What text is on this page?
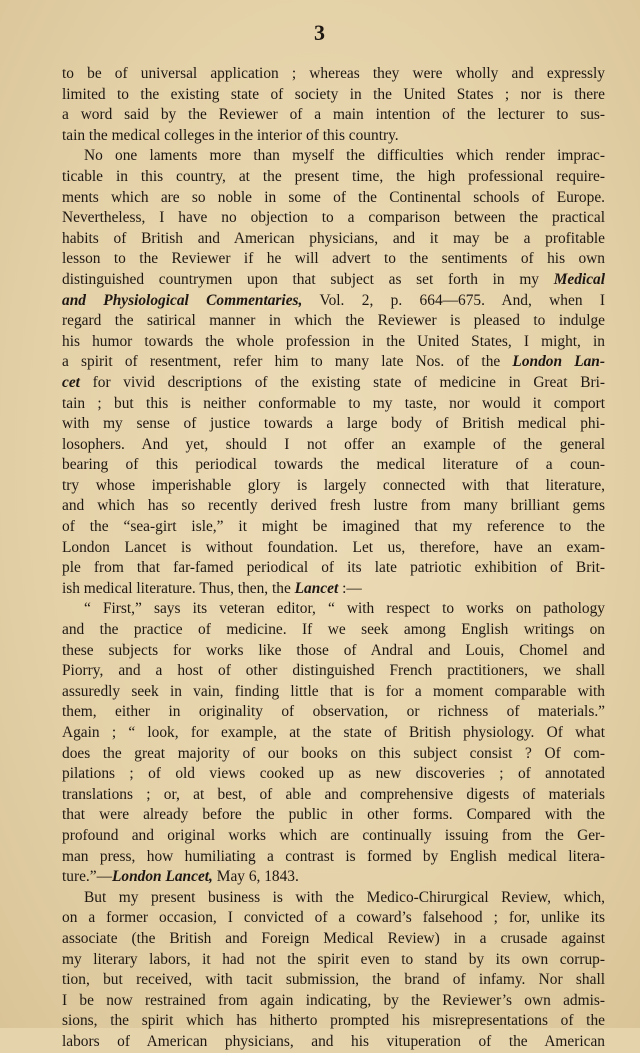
3
to be of universal application ; whereas they were wholly and expressly
limited to the existing state of society in the United States ; nor is there
a word said by the Reviewer of a main intention of the lecturer to sus-
tain the medical colleges in the interior of this country.
No one laments more than myself the difficulties which render imprac-
ticable in this country, at the present time, the high professional require-
ments which are so noble in some of the Continental schools of Europe.
Nevertheless, I have no objection to a comparison between the practical
habits of British and American physicians, and it may be a profitable
lesson to the Reviewer if he will advert to the sentiments of his own
distinguished countrymen upon that subject as set forth in my Medical
and Physiological Commentaries, Vol. 2, p. 664—675. And, when I
regard the satirical manner in which the Reviewer is pleased to indulge
his humor towards the whole profession in the United States, I might, in
a spirit of resentment, refer him to many late Nos. of the London Lan-
cet for vivid descriptions of the existing state of medicine in Great Bri-
tain ; but this is neither conformable to my taste, nor would it comport
with my sense of justice towards a large body of British medical phi-
losophers. And yet, should I not offer an example of the general
bearing of this periodical towards the medical literature of a coun-
try whose imperishable glory is largely connected with that literature,
and which has so recently derived fresh lustre from many brilliant gems
of the “sea-girt isle,” it might be imagined that my reference to the
London Lancet is without foundation. Let us, therefore, have an exam-
ple from that far-famed periodical of its late patriotic exhibition of Brit-
ish medical literature. Thus, then, the Lancet :—
“ First,” says its veteran editor, “ with respect to works on pathology
and the practice of medicine. If we seek among English writings on
these subjects for works like those of Andral and Louis, Chomel and
Piorry, and a host of other distinguished French practitioners, we shall
assuredly seek in vain, finding little that is for a moment comparable with
them, either in originality of observation, or richness of materials.”
Again ; “ look, for example, at the state of British physiology. Of what
does the great majority of our books on this subject consist ? Of com-
pilations ; of old views cooked up as new discoveries ; of annotated
translations ; or, at best, of able and comprehensive digests of materials
that were already before the public in other forms. Compared with the
profound and original works which are continually issuing from the Ger-
man press, how humiliating a contrast is formed by English medical litera-
ture.”—London Lancet, May 6, 1843.
But my present business is with the Medico-Chirurgical Review, which,
on a former occasion, I convicted of a coward’s falsehood ; for, unlike its
associate (the British and Foreign Medical Review) in a crusade against
my literary labors, it had not the spirit even to stand by its own corrup-
tion, but received, with tacit submission, the brand of infamy. Nor shall
I be now restrained from again indicating, by the Reviewer’s own admis-
sions, the spirit which has hitherto prompted his misrepresentations of the
labors of American physicians, and his vituperation of the American
